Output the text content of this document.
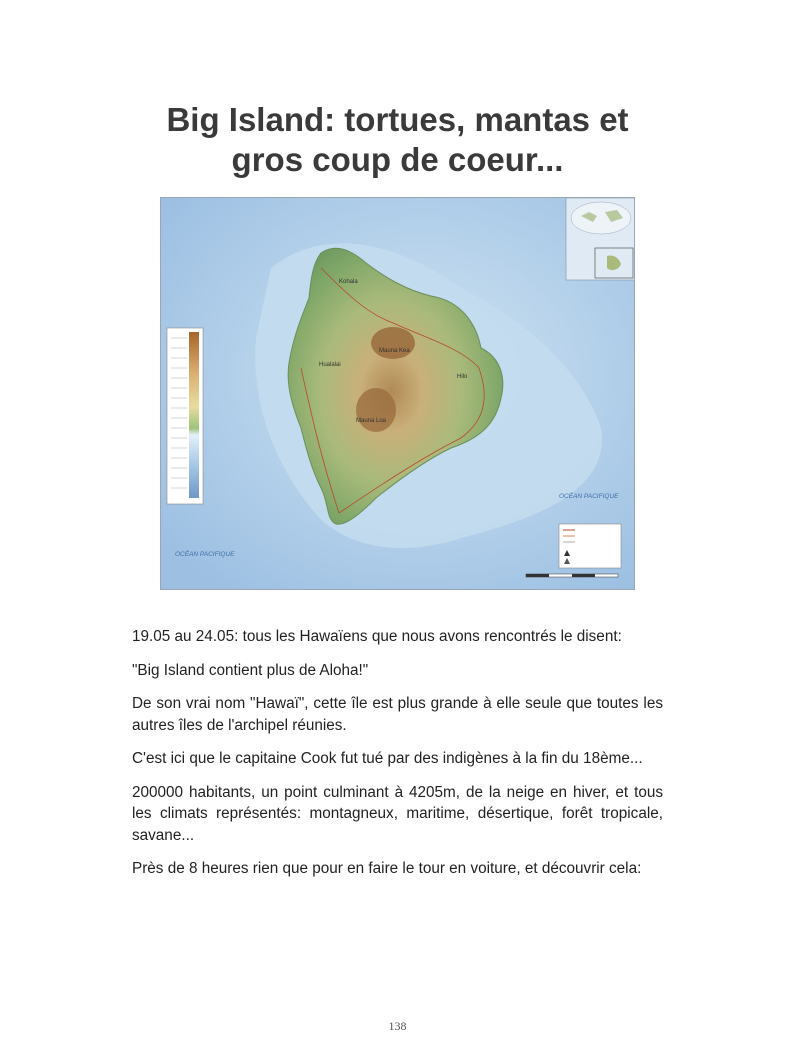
Big Island: tortues, mantas et
gros coup de coeur...
OCÉAN PACIFIQUE
OCÉAN PACIFIQUE
Mauna Kea
Mauna Loa
Hilo
Kohala
Hualalai

19.05 au 24.05: tous les Hawaïens que nous avons rencontrés le disent:

"Big Island contient plus de Aloha!"

De son vrai nom "Hawaï", cette île est plus grande à elle seule que toutes les autres îles de l'archipel réunies.

C'est ici que le capitaine Cook fut tué par des indigènes à la fin du 18ème...

200000 habitants, un point culminant à 4205m, de la neige en hiver, et tous les climats représentés: montagneux, maritime, désertique, forêt tropicale, savane...

Près de 8 heures rien que pour en faire le tour en voiture, et découvrir cela:

138
